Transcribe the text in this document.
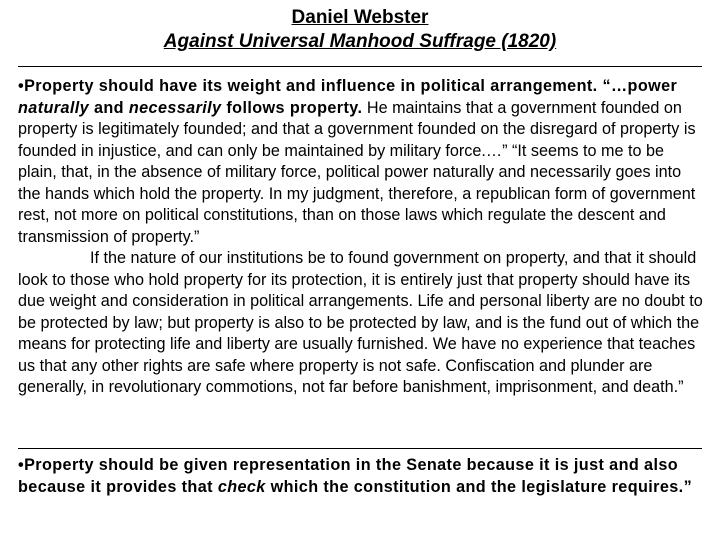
Daniel Webster
Against Universal Manhood Suffrage (1820)
•Property should have its weight and influence in political arrangement. “…power naturally and necessarily follows property. He maintains that a government founded on property is legitimately founded; and that a government founded on the disregard of property is founded in injustice, and can only be maintained by military force.…” “It seems to me to be plain, that, in the absence of military force, political power naturally and necessarily goes into the hands which hold the property. In my judgment, therefore, a republican form of government rest, not more on political constitutions, than on those laws which regulate the descent and transmission of property.”
If the nature of our institutions be to found government on property, and that it should look to those who hold property for its protection, it is entirely just that property should have its due weight and consideration in political arrangements. Life and personal liberty are no doubt to be protected by law; but property is also to be protected by law, and is the fund out of which the means for protecting life and liberty are usually furnished. We have no experience that teaches us that any other rights are safe where property is not safe. Confiscation and plunder are generally, in revolutionary commotions, not far before banishment, imprisonment, and death.”
•Property should be given representation in the Senate because it is just and also because it provides that check which the constitution and the legislature requires.”
